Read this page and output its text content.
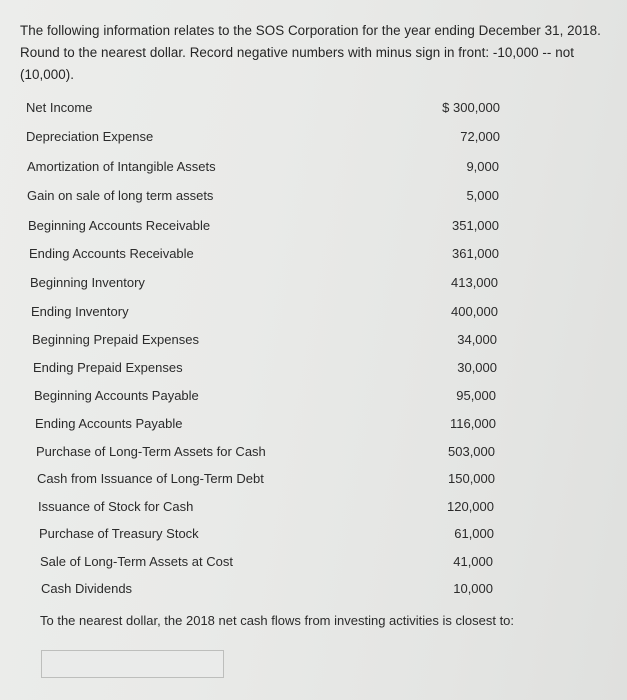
The following information relates to the SOS Corporation for the year ending December 31, 2018. Round to the nearest dollar. Record negative numbers with minus sign in front: -10,000 -- not (10,000).
Net Income	$ 300,000
Depreciation Expense	72,000
Amortization of Intangible Assets	9,000
Gain on sale of long term assets	5,000
Beginning Accounts Receivable	351,000
Ending Accounts Receivable	361,000
Beginning Inventory	413,000
Ending Inventory	400,000
Beginning Prepaid Expenses	34,000
Ending Prepaid Expenses	30,000
Beginning Accounts Payable	95,000
Ending Accounts Payable	116,000
Purchase of Long-Term Assets for Cash	503,000
Cash from Issuance of Long-Term Debt	150,000
Issuance of Stock for Cash	120,000
Purchase of Treasury Stock	61,000
Sale of Long-Term Assets at Cost	41,000
Cash Dividends	10,000
To the nearest dollar, the 2018 net cash flows from investing activities is closest to:
